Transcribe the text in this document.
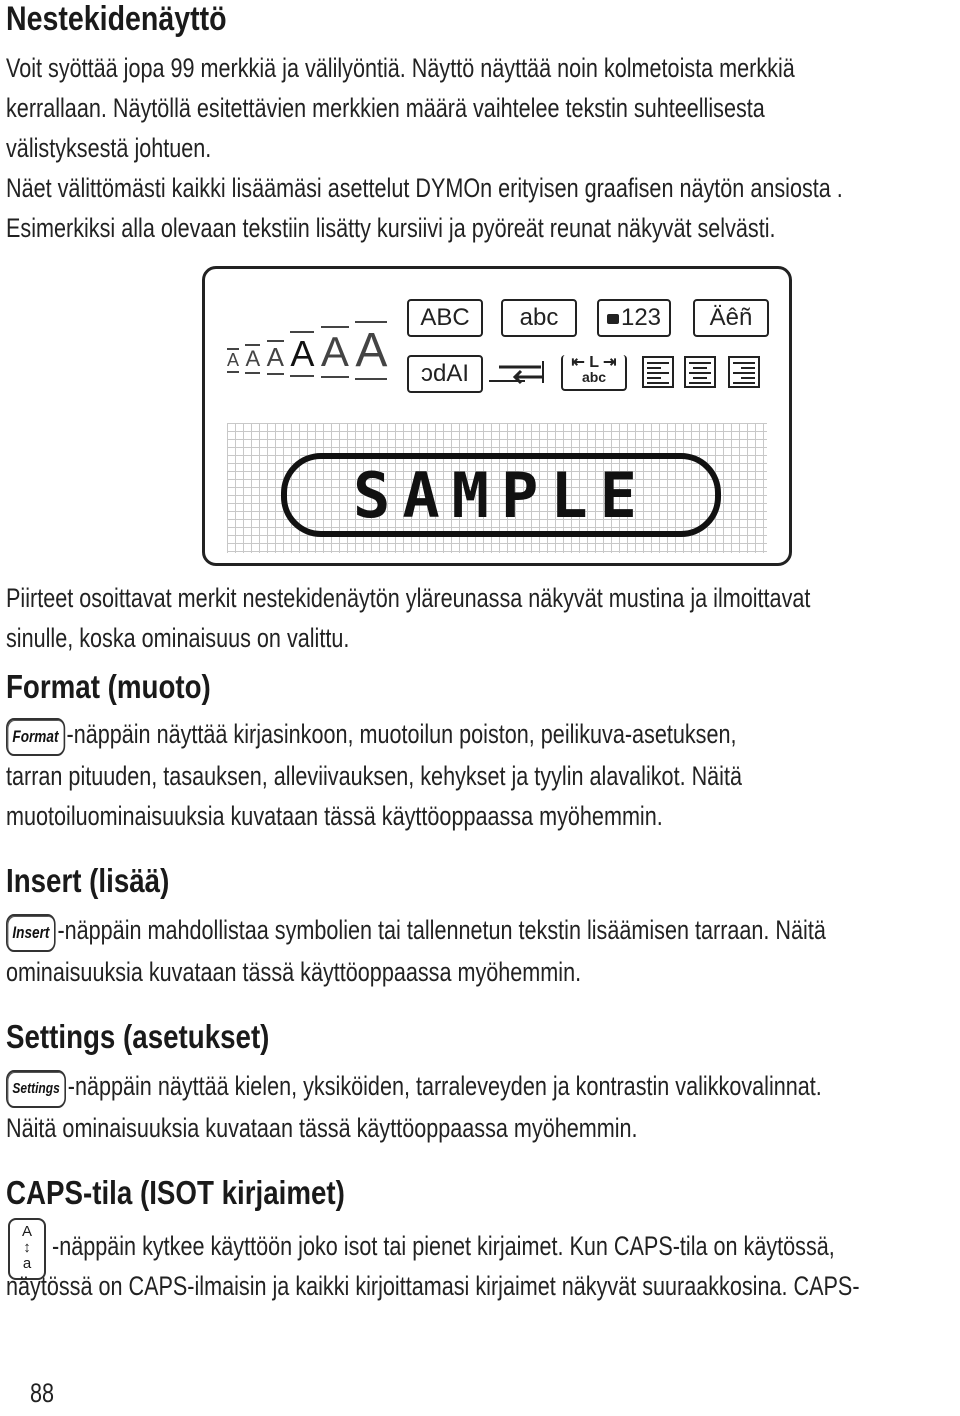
Nestekidenäyttö

Voit syöttää jopa 99 merkkiä ja välilyöntiä. Näyttö näyttää noin kolmetoista merkkiä
kerrallaan. Näytöllä esitettävien merkkien määrä vaihtelee tekstin suhteellisesta
välistyksestä johtuen.
Näet välittömästi kaikki lisäämäsi asettelut DYMOn erityisen graafisen näytön ansiosta .
Esimerkiksi alla olevaan tekstiin lisätty kursiivi ja pyöreät reunat näkyvät selvästi.

A A A A A A
ABC	abc	123	Äêñ
IAbc	⇤ L ⇥
abc
SAMPLE

Piirteet osoittavat merkit nestekidenäytön yläreunassa näkyvät mustina ja ilmoittavat
sinulle, koska ominaisuus on valittu.

Format (muoto)

Format -näppäin näyttää kirjasinkoon, muotoilun poiston, peilikuva-asetuksen,
tarran pituuden, tasauksen, alleviivauksen, kehykset ja tyylin alavalikot. Näitä
muotoiluominaisuuksia kuvataan tässä käyttöoppaassa myöhemmin.

Insert (lisää)

Insert -näppäin mahdollistaa symbolien tai tallennetun tekstin lisäämisen tarraan. Näitä
ominaisuuksia kuvataan tässä käyttöoppaassa myöhemmin.

Settings (asetukset)

Settings -näppäin näyttää kielen, yksiköiden, tarraleveyden ja kontrastin valikkovalinnat.
Näitä ominaisuuksia kuvataan tässä käyttöoppaassa myöhemmin.

CAPS-tila (ISOT kirjaimet)
A
↕
a

-näppäin kytkee käyttöön joko isot tai pienet kirjaimet. Kun CAPS-tila on käytössä,

näytössä on CAPS-ilmaisin ja kaikki kirjoittamasi kirjaimet näkyvät suuraakkosina. CAPS-

88
